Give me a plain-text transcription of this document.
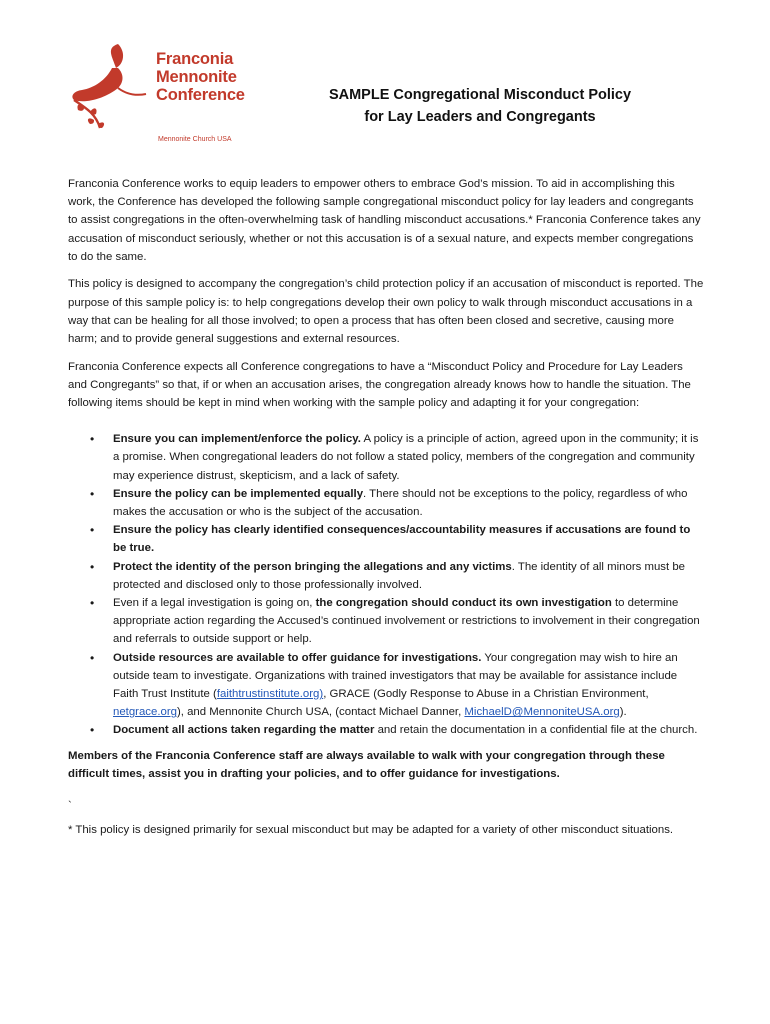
Franconia
Mennonite
Conference
Mennonite Church USA
SAMPLE Congregational Misconduct Policy
for Lay Leaders and Congregants

Franconia Conference works to equip leaders to empower others to embrace God’s mission. To aid in accomplishing this work, the Conference has developed the following sample congregational misconduct policy for lay leaders and congregants to assist congregations in the often-overwhelming task of handling misconduct accusations.* Franconia Conference takes any accusation of misconduct seriously, whether or not this accusation is of a sexual nature, and expects member congregations to do the same.

This policy is designed to accompany the congregation’s child protection policy if an accusation of misconduct is reported. The purpose of this sample policy is: to help congregations develop their own policy to walk through misconduct accusations in a way that can be healing for all those involved; to open a process that has often been closed and secretive, causing more harm; and to provide general suggestions and external resources.

Franconia Conference expects all Conference congregations to have a “Misconduct Policy and Procedure for Lay Leaders and Congregants” so that, if or when an accusation arises, the congregation already knows how to handle the situation. The following items should be kept in mind when working with the sample policy and adapting it for your congregation:

• Ensure you can implement/enforce the policy. A policy is a principle of action, agreed upon in the community; it is a promise. When congregational leaders do not follow a stated policy, members of the congregation and community may experience distrust, skepticism, and a lack of safety.
• Ensure the policy can be implemented equally. There should not be exceptions to the policy, regardless of who makes the accusation or who is the subject of the accusation.
• Ensure the policy has clearly identified consequences/accountability measures if accusations are found to be true.
• Protect the identity of the person bringing the allegations and any victims. The identity of all minors must be protected and disclosed only to those professionally involved.
• Even if a legal investigation is going on, the congregation should conduct its own investigation to determine appropriate action regarding the Accused’s continued involvement or restrictions to involvement in their congregation and referrals to outside support or help.
• Outside resources are available to offer guidance for investigations. Your congregation may wish to hire an outside team to investigate. Organizations with trained investigators that may be available for assistance include Faith Trust Institute (faithtrustinstitute.org), GRACE (Godly Response to Abuse in a Christian Environment, netgrace.org), and Mennonite Church USA, (contact Michael Danner, MichaelD@MennoniteUSA.org).
• Document all actions taken regarding the matter and retain the documentation in a confidential file at the church.

Members of the Franconia Conference staff are always available to walk with your congregation through these difficult times, assist you in drafting your policies, and to offer guidance for investigations.

`

* This policy is designed primarily for sexual misconduct but may be adapted for a variety of other misconduct situations.
